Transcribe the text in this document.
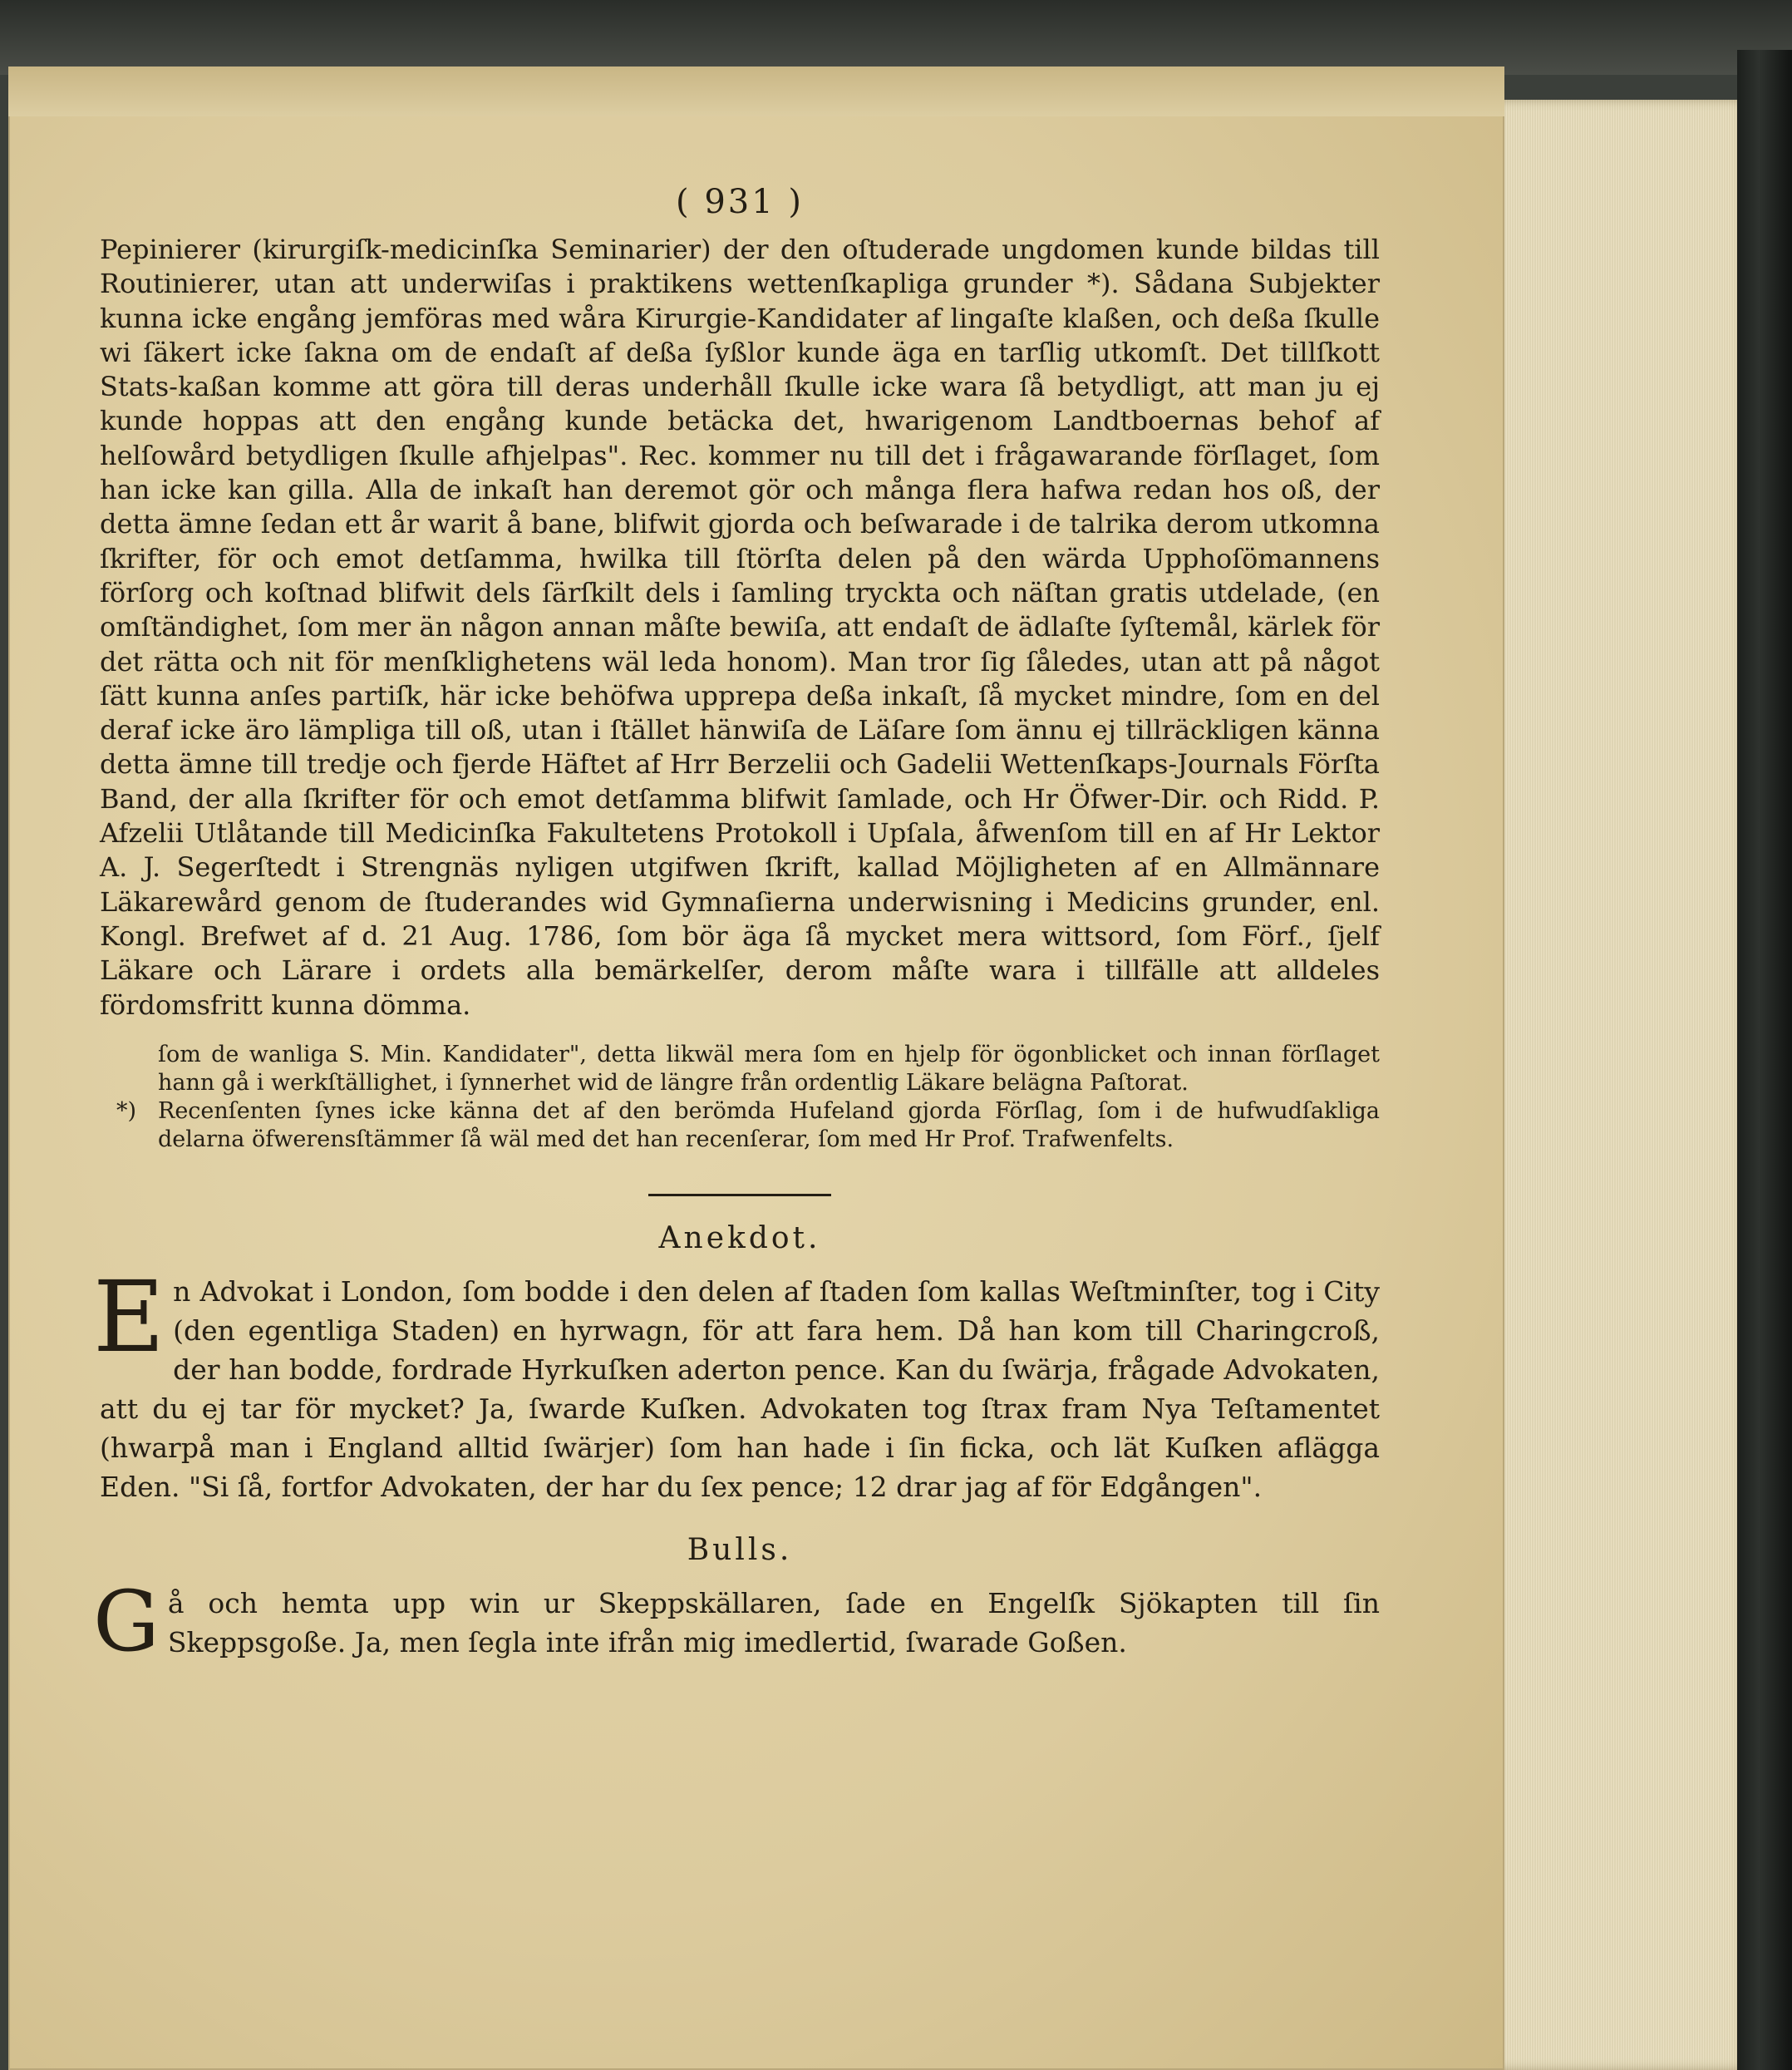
( 931 )
Pepinierer (kirurgiſk-medicinſka Seminarier) der den oſtuderade ungdomen kunde bildas till Routinierer, utan att underwiſas i praktikens wettenſkapliga grunder *). Sådana Subjekter kunna icke engång jemföras med wåra Kirurgie-Kandidater af lingaſte klaßen, och deßa ſkulle wi ſäkert icke ſakna om de endaſt af deßa ſyßlor kunde äga en tarſlig utkomſt. Det tillſkott Stats-kaßan komme att göra till deras underhåll ſkulle icke wara ſå betydligt, att man ju ej kunde hoppas att den engång kunde betäcka det, hwarigenom Landtboernas behof af helſowård betydligen ſkulle afhjelpas". Rec. kommer nu till det i frågawarande förſlaget, ſom han icke kan gilla. Alla de inkaſt han deremot gör och många flera hafwa redan hos oß, der detta ämne ſedan ett år warit å bane, blifwit gjorda och beſwarade i de talrika derom utkomna ſkrifter, för och emot detſamma, hwilka till ſtörſta delen på den wärda Upphoſömannens förſorg och koſtnad blifwit dels ſärſkilt dels i ſamling tryckta och näſtan gratis utdelade, (en omſtändighet, ſom mer än någon annan måſte bewiſa, att endaſt de ädlaſte ſyſtemål, kärlek för det rätta och nit för menſklighetens wäl leda honom). Man tror ſig ſåledes, utan att på något ſätt kunna anſes partiſk, här icke behöfwa upprepa deßa inkaſt, ſå mycket mindre, ſom en del deraf icke äro lämpliga till oß, utan i ſtället hänwiſa de Läſare ſom ännu ej tillräckligen känna detta ämne till tredje och fjerde Häftet af Hrr Berzelii och Gadelii Wettenſkaps-Journals Förſta Band, der alla ſkrifter för och emot detſamma blifwit ſamlade, och Hr Öfwer-Dir. och Ridd. P. Afzelii Utlåtande till Medicinſka Fakultetens Protokoll i Upſala, åfwenſom till en af Hr Lektor A. J. Segerſtedt i Strengnäs nyligen utgifwen ſkrift, kallad Möjligheten af en Allmännare Läkarewård genom de ſtuderandes wid Gymnaſierna underwisning i Medicins grunder, enl. Kongl. Brefwet af d. 21 Aug. 1786, ſom bör äga ſå mycket mera wittsord, ſom Förf., ſjelf Läkare och Lärare i ordets alla bemärkelſer, derom måſte wara i tillfälle att alldeles fördomsfritt kunna dömma.
ſom de wanliga S. Min. Kandidater", detta likwäl mera ſom en hjelp för ögonblicket och innan förſlaget hann gå i werkſtällighet, i ſynnerhet wid de längre från ordentlig Läkare belägna Paſtorat.
*) Recenſenten ſynes icke känna det af den berömda Hufeland gjorda Förſlag, ſom i de hufwudſakliga delarna öfwerensſtämmer ſå wäl med det han recenſerar, ſom med Hr Prof. Trafwenfelts.
Anekdot.
E n Advokat i London, ſom bodde i den delen af ſtaden ſom kallas Weſtminſter, tog i City (den egentliga Staden) en hyrwagn, för att fara hem. Då han kom till Charingcroß, der han bodde, fordrade Hyrkuſken aderton pence. Kan du ſwärja, frågade Advokaten, att du ej tar för mycket? Ja, ſwarde Kuſken. Advokaten tog ſtrax fram Nya Teſtamentet (hwarpå man i England alltid ſwärjer) ſom han hade i ſin ficka, och lät Kuſken aflägga Eden. "Si ſå, fortfor Advokaten, der har du ſex pence; 12 drar jag af för Edgången".
Bulls.
G å och hemta upp win ur Skeppskällaren, ſade en Engelſk Sjökapten till ſin Skeppsgoße. Ja, men ſegla inte ifrån mig imedlertid, ſwarade Goßen.
